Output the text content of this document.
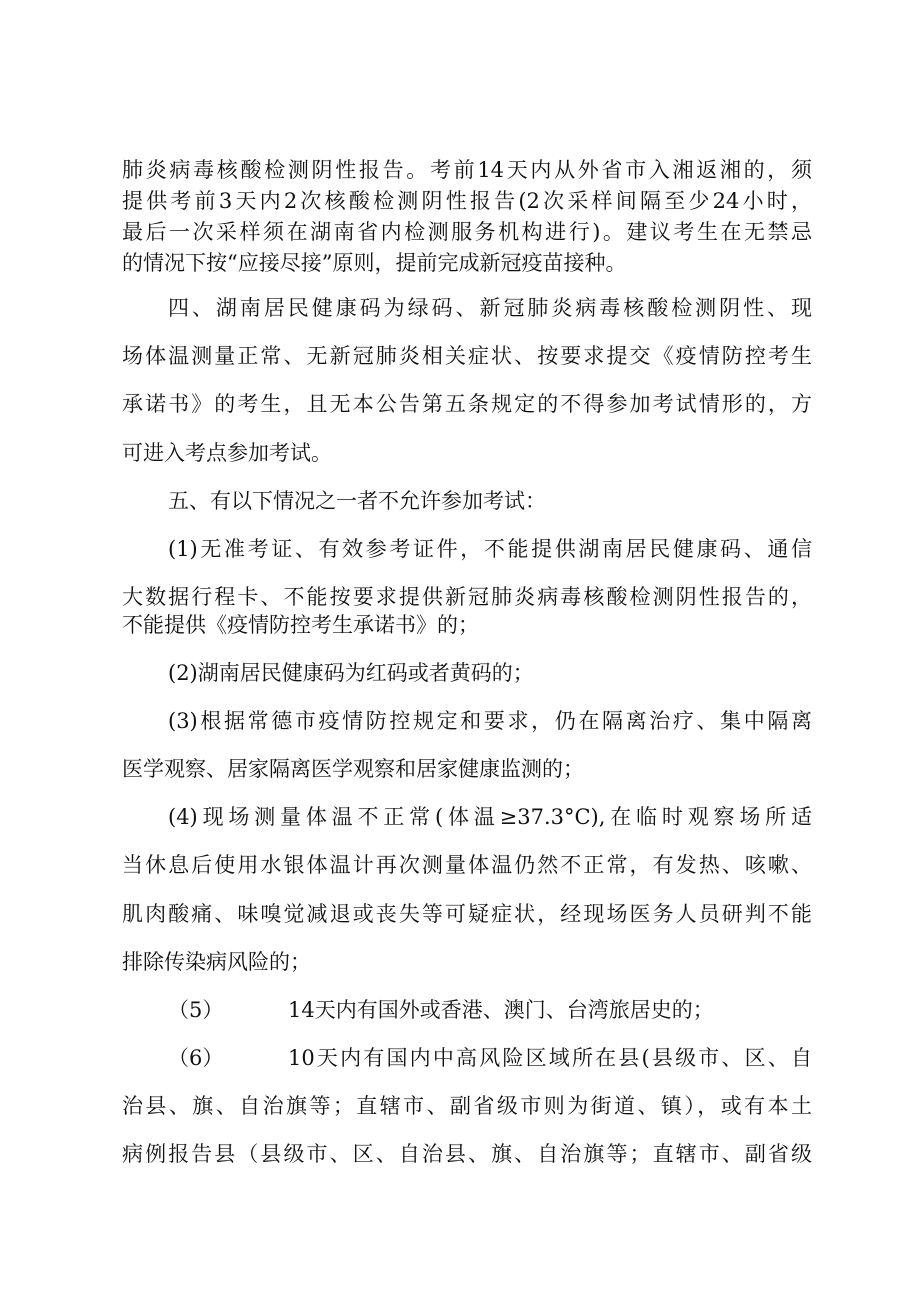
肺炎病毒核酸检测阴性报告。考前14天内从外省市入湘返湘的，须
提供考前3天内2次核酸检测阴性报告(2次采样间隔至少24小时，
最后一次采样须在湖南省内检测服务机构进行)。建议考生在无禁忌
的情况下按“应接尽接”原则，提前完成新冠疫苗接种。
四、湖南居民健康码为绿码、新冠肺炎病毒核酸检测阴性、现
场体温测量正常、无新冠肺炎相关症状、按要求提交《疫情防控考生
承诺书》的考生，且无本公告第五条规定的不得参加考试情形的，方
可进入考点参加考试。
五、有以下情况之一者不允许参加考试：
(1)无准考证、有效参考证件，不能提供湖南居民健康码、通信
大数据行程卡、不能按要求提供新冠肺炎病毒核酸检测阴性报告的，
不能提供《疫情防控考生承诺书》的；
(2)湖南居民健康码为红码或者黄码的；
(3)根据常德市疫情防控规定和要求，仍在隔离治疗、集中隔离
医学观察、居家隔离医学观察和居家健康监测的；
(4)现场测量体温不正常(体温≥37.3°C),在临时观察场所适
当休息后使用水银体温计再次测量体温仍然不正常，有发热、咳嗽、
肌肉酸痛、味嗅觉减退或丧失等可疑症状，经现场医务人员研判不能
排除传染病风险的；
（5）	14天内有国外或香港、澳门、台湾旅居史的；
（6）	10天内有国内中高风险区域所在县(县级市、区、自
治县、旗、自治旗等；直辖市、副省级市则为街道、镇），或有本土
病例报告县（县级市、区、自治县、旗、自治旗等；直辖市、副省级
